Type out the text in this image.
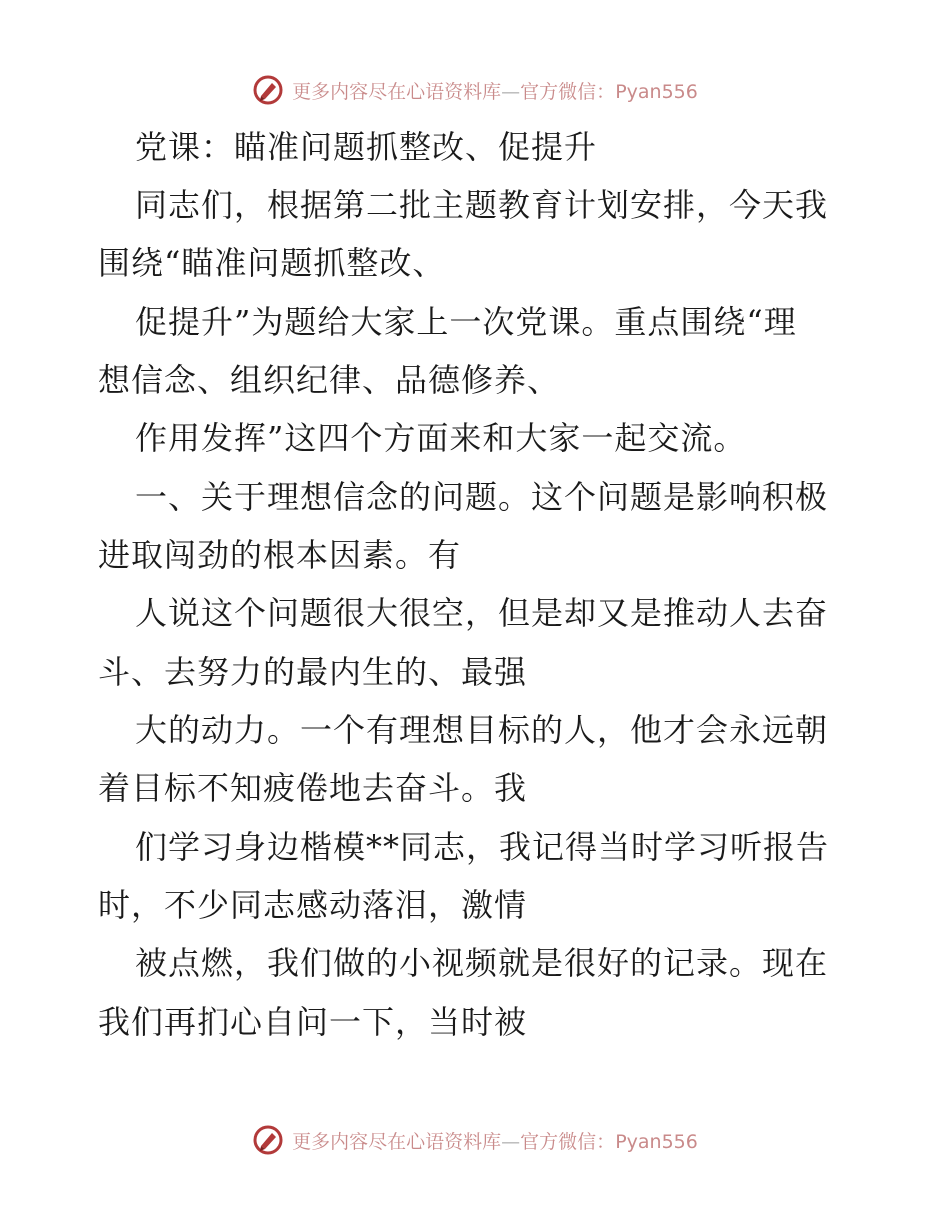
更多内容尽在心语资料库—官方微信：Pyan556
党课：瞄准问题抓整改、促提升
同志们，根据第二批主题教育计划安排，今天我
围绕“瞄准问题抓整改、
促提升”为题给大家上一次党课。重点围绕“理
想信念、组织纪律、品德修养、
作用发挥”这四个方面来和大家一起交流。
一、关于理想信念的问题。这个问题是影响积极
进取闯劲的根本因素。有
人说这个问题很大很空，但是却又是推动人去奋
斗、去努力的最内生的、最强
大的动力。一个有理想目标的人，他才会永远朝
着目标不知疲倦地去奋斗。我
们学习身边楷模**同志，我记得当时学习听报告
时，不少同志感动落泪，激情
被点燃，我们做的小视频就是很好的记录。现在
我们再扪心自问一下，当时被
更多内容尽在心语资料库—官方微信：Pyan556
